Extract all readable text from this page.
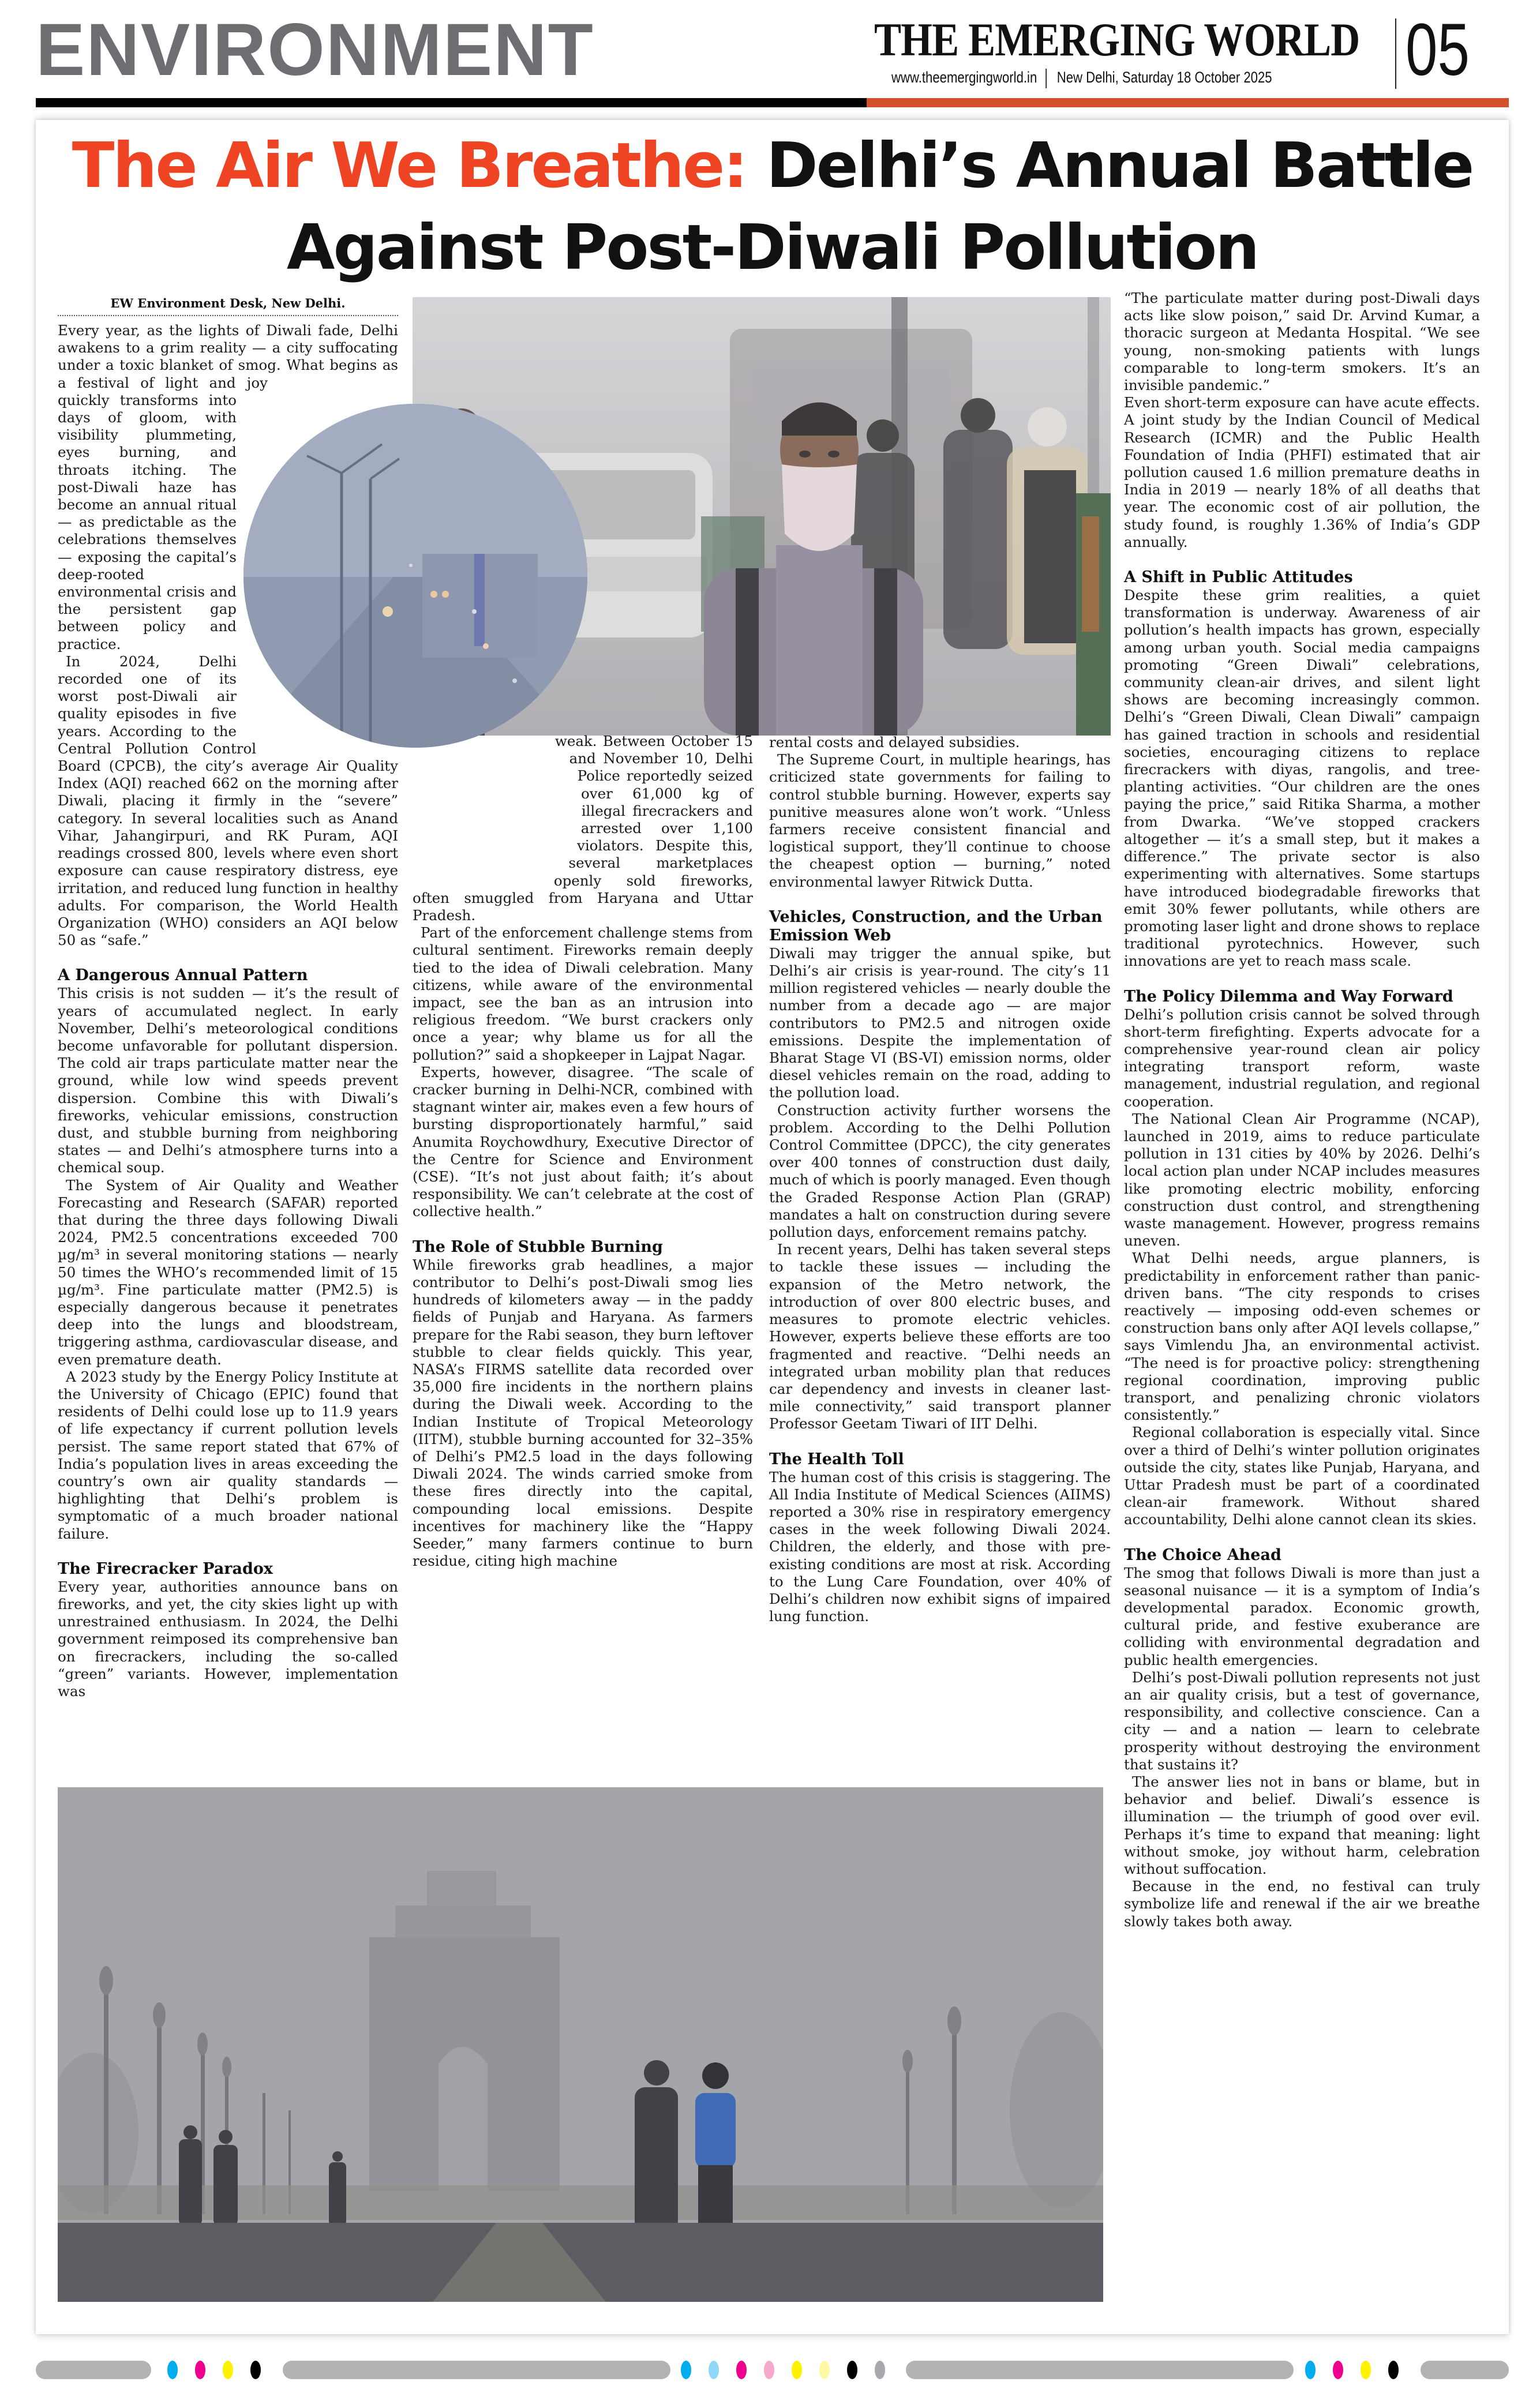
ENVIRONMENT	THE EMERGING WORLD
www.theemergingworld.in New Delhi, Saturday 18 October 2025 05
The Air We Breathe: Delhi’s Annual Battle
Against Post-Diwali Pollution
EW Environment Desk, New Delhi.

Every year, as the lights of Diwali fade, Delhi awakens to a grim reality — a city suffocating under a toxic blanket of smog. What begins as a festival of light and joy quickly transforms into days of gloom, with visibility plummeting, eyes burning, and throats itching. The post-Diwali haze has become an annual ritual — as predictable as the celebrations themselves — exposing the capital’s deep-rooted environmental crisis and the persistent gap between policy and practice.

In 2024, Delhi recorded one of its worst post-Diwali air quality episodes in five years. According to the Central Pollution Control Board (CPCB), the city’s average Air Quality Index (AQI) reached 662 on the morning after Diwali, placing it firmly in the “severe” category. In several localities such as Anand Vihar, Jahangirpuri, and RK Puram, AQI readings crossed 800, levels where even short exposure can cause respiratory distress, eye irritation, and reduced lung function in healthy adults. For comparison, the World Health Organization (WHO) considers an AQI below 50 as “safe.”

A Dangerous Annual Pattern

This crisis is not sudden — it’s the result of years of accumulated neglect. In early November, Delhi’s meteorological conditions become unfavorable for pollutant dispersion. The cold air traps particulate matter near the ground, while low wind speeds prevent dispersion. Combine this with Diwali’s fireworks, vehicular emissions, construction dust, and stubble burning from neighboring states — and Delhi’s atmosphere turns into a chemical soup.

The System of Air Quality and Weather Forecasting and Research (SAFAR) reported that during the three days following Diwali 2024, PM2.5 concentrations exceeded 700 µg/m³ in several monitoring stations — nearly 50 times the WHO’s recommended limit of 15 µg/m³. Fine particulate matter (PM2.5) is especially dangerous because it penetrates deep into the lungs and bloodstream, triggering asthma, cardiovascular disease, and even premature death.

A 2023 study by the Energy Policy Institute at the University of Chicago (EPIC) found that residents of Delhi could lose up to 11.9 years of life expectancy if current pollution levels persist. The same report stated that 67% of India’s population lives in areas exceeding the country’s own air quality standards — highlighting that Delhi’s problem is symptomatic of a much broader national failure.

The Firecracker Paradox

Every year, authorities announce bans on fireworks, and yet, the city skies light up with unrestrained enthusiasm. In 2024, the Delhi government reimposed its comprehensive ban on firecrackers, including the so-called “green” variants. However, implementation was

weak. Between October 15 and November 10, Delhi Police reportedly seized over 61,000 kg of illegal firecrackers and arrested over 1,100 violators. Despite this, several marketplaces openly sold fireworks, often smuggled from Haryana and Uttar Pradesh.

Part of the enforcement challenge stems from cultural sentiment. Fireworks remain deeply tied to the idea of Diwali celebration. Many citizens, while aware of the environmental impact, see the ban as an intrusion into religious freedom. “We burst crackers only once a year; why blame us for all the pollution?” said a shopkeeper in Lajpat Nagar.

Experts, however, disagree. “The scale of cracker burning in Delhi-NCR, combined with stagnant winter air, makes even a few hours of bursting disproportionately harmful,” said Anumita Roychowdhury, Executive Director of the Centre for Science and Environment (CSE). “It’s not just about faith; it’s about responsibility. We can’t celebrate at the cost of collective health.”

The Role of Stubble Burning

While fireworks grab headlines, a major contributor to Delhi’s post-Diwali smog lies hundreds of kilometers away — in the paddy fields of Punjab and Haryana. As farmers prepare for the Rabi season, they burn leftover stubble to clear fields quickly. This year, NASA’s FIRMS satellite data recorded over 35,000 fire incidents in the northern plains during the Diwali week. According to the Indian Institute of Tropical Meteorology (IITM), stubble burning accounted for 32–35% of Delhi’s PM2.5 load in the days following Diwali 2024. The winds carried smoke from these fires directly into the capital, compounding local emissions. Despite incentives for machinery like the “Happy Seeder,” many farmers continue to burn residue, citing high machine

rental costs and delayed subsidies.

The Supreme Court, in multiple hearings, has criticized state governments for failing to control stubble burning. However, experts say punitive measures alone won’t work. “Unless farmers receive consistent financial and logistical support, they’ll continue to choose the cheapest option — burning,” noted environmental lawyer Ritwick Dutta.

Vehicles, Construction, and the Urban Emission Web

Diwali may trigger the annual spike, but Delhi’s air crisis is year-round. The city’s 11 million registered vehicles — nearly double the number from a decade ago — are major contributors to PM2.5 and nitrogen oxide emissions. Despite the implementation of Bharat Stage VI (BS-VI) emission norms, older diesel vehicles remain on the road, adding to the pollution load.

Construction activity further worsens the problem. According to the Delhi Pollution Control Committee (DPCC), the city generates over 400 tonnes of construction dust daily, much of which is poorly managed. Even though the Graded Response Action Plan (GRAP) mandates a halt on construction during severe pollution days, enforcement remains patchy.

In recent years, Delhi has taken several steps to tackle these issues — including the expansion of the Metro network, the introduction of over 800 electric buses, and measures to promote electric vehicles. However, experts believe these efforts are too fragmented and reactive. “Delhi needs an integrated urban mobility plan that reduces car dependency and invests in cleaner last-mile connectivity,” said transport planner Professor Geetam Tiwari of IIT Delhi.

The Health Toll

The human cost of this crisis is staggering. The All India Institute of Medical Sciences (AIIMS) reported a 30% rise in respiratory emergency cases in the week following Diwali 2024. Children, the elderly, and those with pre-existing conditions are most at risk. According to the Lung Care Foundation, over 40% of Delhi’s children now exhibit signs of impaired lung function.

“The particulate matter during post-Diwali days acts like slow poison,” said Dr. Arvind Kumar, a thoracic surgeon at Medanta Hospital. “We see young, non-smoking patients with lungs comparable to long-term smokers. It’s an invisible pandemic.”

Even short-term exposure can have acute effects. A joint study by the Indian Council of Medical Research (ICMR) and the Public Health Foundation of India (PHFI) estimated that air pollution caused 1.6 million premature deaths in India in 2019 — nearly 18% of all deaths that year. The economic cost of air pollution, the study found, is roughly 1.36% of India’s GDP annually.

A Shift in Public Attitudes

Despite these grim realities, a quiet transformation is underway. Awareness of air pollution’s health impacts has grown, especially among urban youth. Social media campaigns promoting “Green Diwali” celebrations, community clean-air drives, and silent light shows are becoming increasingly common. Delhi’s “Green Diwali, Clean Diwali” campaign has gained traction in schools and residential societies, encouraging citizens to replace firecrackers with diyas, rangolis, and tree-planting activities. “Our children are the ones paying the price,” said Ritika Sharma, a mother from Dwarka. “We’ve stopped crackers altogether — it’s a small step, but it makes a difference.” The private sector is also experimenting with alternatives. Some startups have introduced biodegradable fireworks that emit 30% fewer pollutants, while others are promoting laser light and drone shows to replace traditional pyrotechnics. However, such innovations are yet to reach mass scale.

The Policy Dilemma and Way Forward

Delhi’s pollution crisis cannot be solved through short-term firefighting. Experts advocate for a comprehensive year-round clean air policy integrating transport reform, waste management, industrial regulation, and regional cooperation.

The National Clean Air Programme (NCAP), launched in 2019, aims to reduce particulate pollution in 131 cities by 40% by 2026. Delhi’s local action plan under NCAP includes measures like promoting electric mobility, enforcing construction dust control, and strengthening waste management. However, progress remains uneven.

What Delhi needs, argue planners, is predictability in enforcement rather than panic-driven bans. “The city responds to crises reactively — imposing odd-even schemes or construction bans only after AQI levels collapse,” says Vimlendu Jha, an environmental activist. “The need is for proactive policy: strengthening regional coordination, improving public transport, and penalizing chronic violators consistently.”

Regional collaboration is especially vital. Since over a third of Delhi’s winter pollution originates outside the city, states like Punjab, Haryana, and Uttar Pradesh must be part of a coordinated clean-air framework. Without shared accountability, Delhi alone cannot clean its skies.

The Choice Ahead

The smog that follows Diwali is more than just a seasonal nuisance — it is a symptom of India’s developmental paradox. Economic growth, cultural pride, and festive exuberance are colliding with environmental degradation and public health emergencies.

Delhi’s post-Diwali pollution represents not just an air quality crisis, but a test of governance, responsibility, and collective conscience. Can a city — and a nation — learn to celebrate prosperity without destroying the environment that sustains it?

The answer lies not in bans or blame, but in behavior and belief. Diwali’s essence is illumination — the triumph of good over evil. Perhaps it’s time to expand that meaning: light without smoke, joy without harm, celebration without suffocation.

Because in the end, no festival can truly symbolize life and renewal if the air we breathe slowly takes both away.
